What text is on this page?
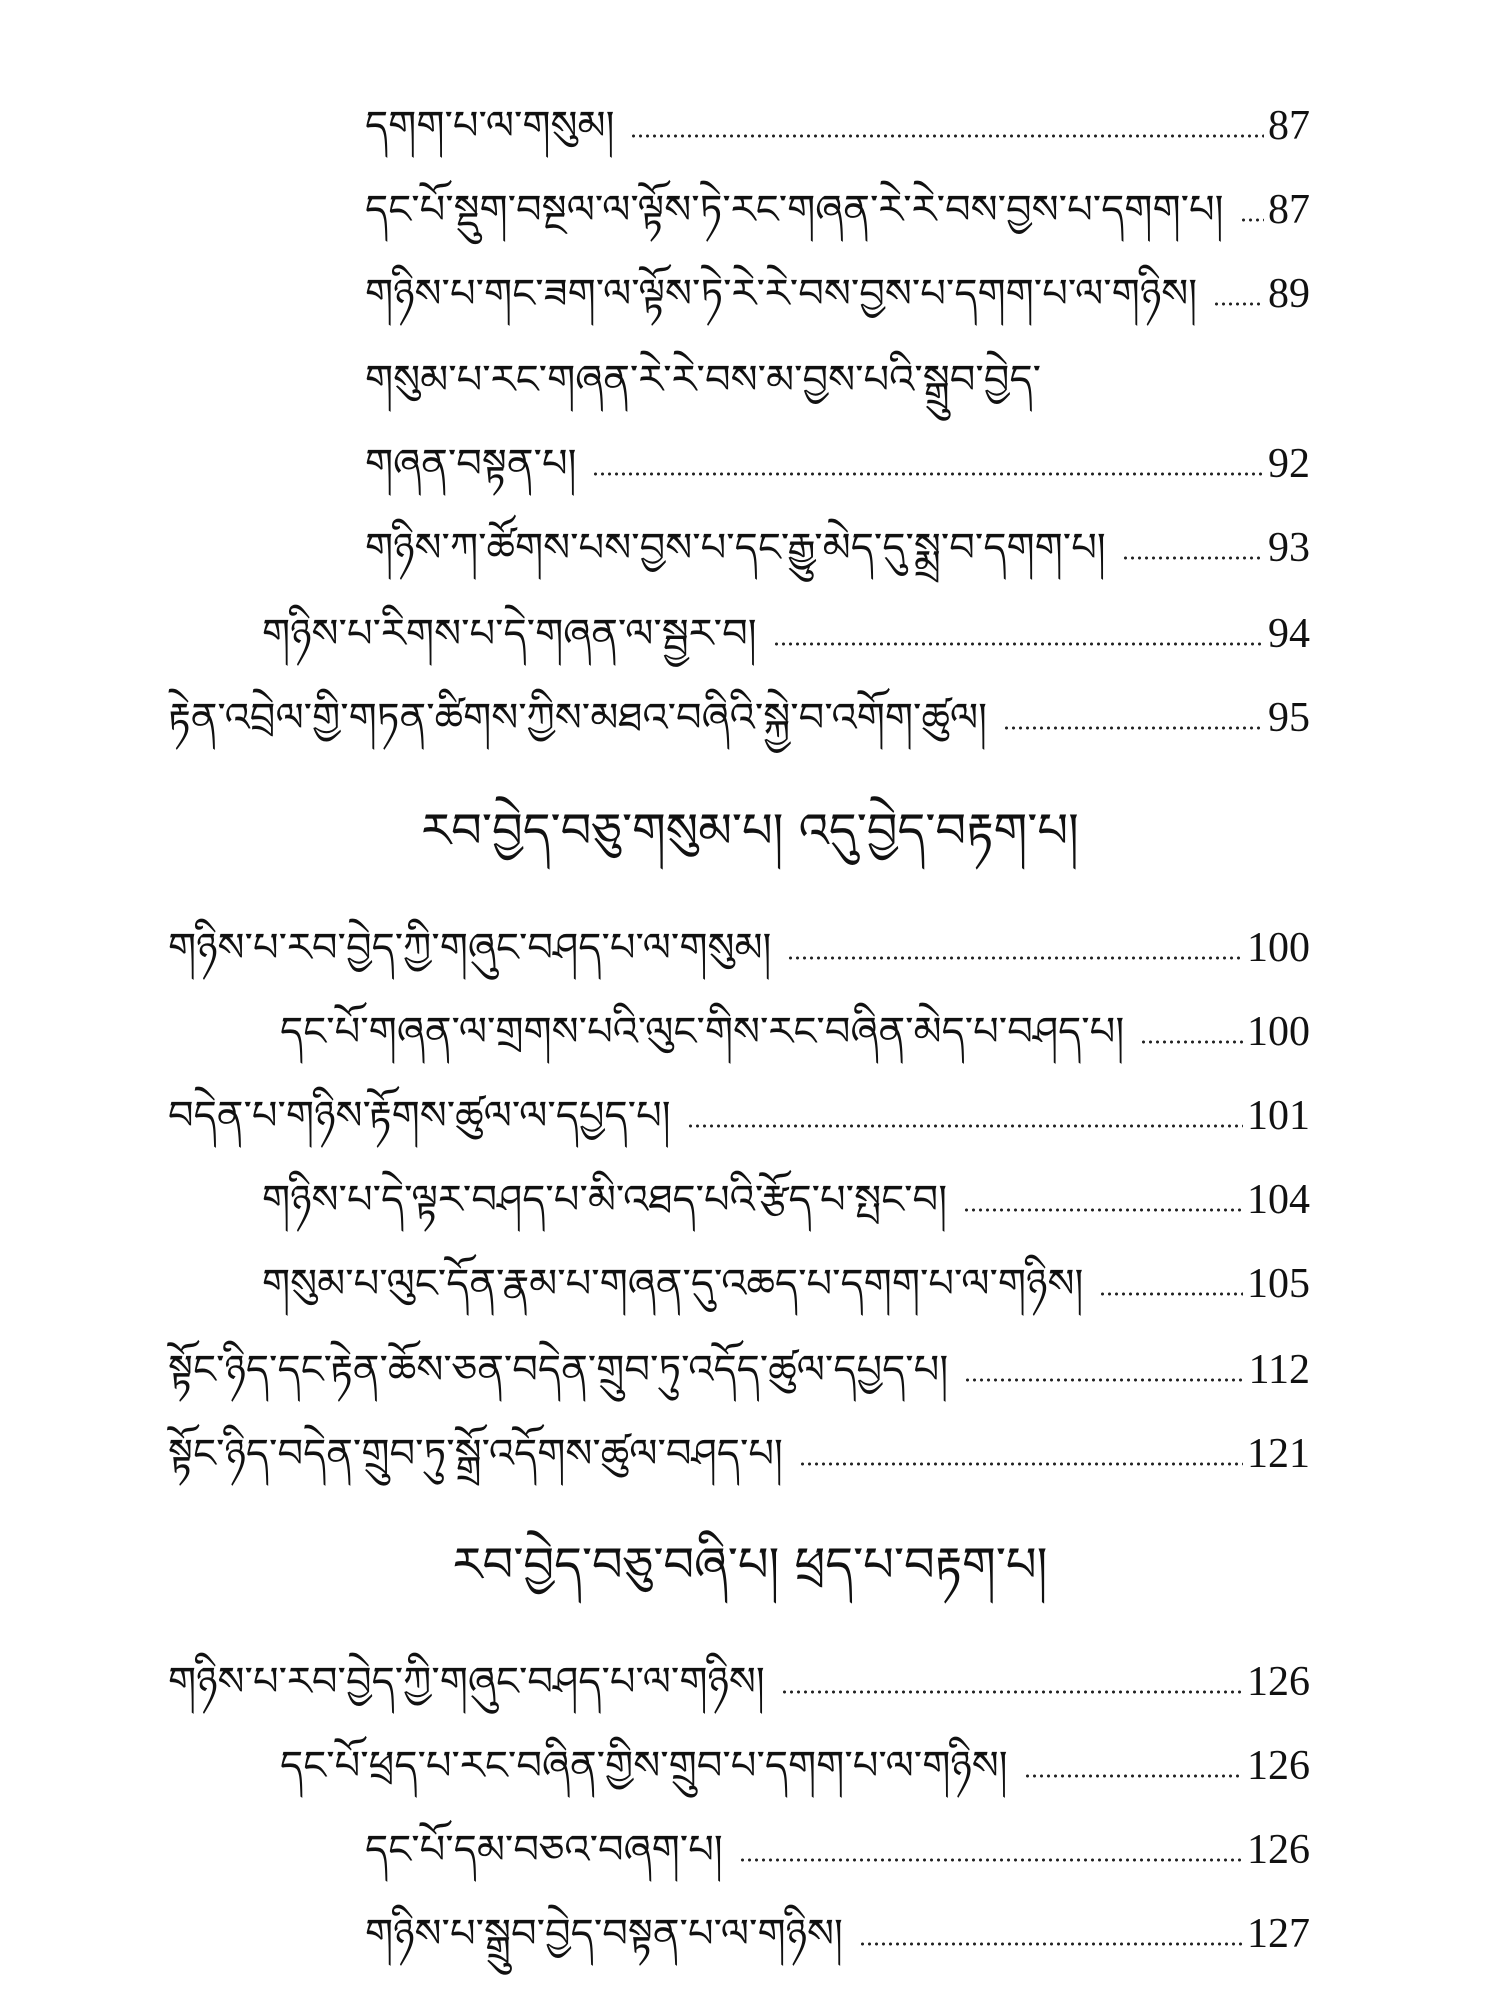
དགག་པ་ལ་གསུམ།	87
དང་པོ་སྡུག་བསྔལ་ལ་ལྟོས་ཏེ་རང་གཞན་རེ་རེ་བས་བྱས་པ་དགག་པ།	87
གཉིས་པ་གང་ཟག་ལ་ལྟོས་ཏེ་རེ་རེ་བས་བྱས་པ་དགག་པ་ལ་གཉིས།	89
གསུམ་པ་རང་གཞན་རེ་རེ་བས་མ་བྱས་པའི་སྒྲུབ་བྱེད་
གཞན་བསྟན་པ།	92
གཉིས་ཀ་ཚོགས་པས་བྱས་པ་དང་རྒྱུ་མེད་དུ་སྨྲ་བ་དགག་པ།	93
གཉིས་པ་རིགས་པ་དེ་གཞན་ལ་སྦྱར་བ།	94
རྟེན་འབྲེལ་གྱི་གཏན་ཚིགས་ཀྱིས་མཐའ་བཞིའི་སྐྱེ་བ་འགོག་ཚུལ།	95
རབ་བྱེད་བཅུ་གསུམ་པ། འདུ་བྱེད་བརྟག་པ།
གཉིས་པ་རབ་བྱེད་ཀྱི་གཞུང་བཤད་པ་ལ་གསུམ།	100
དང་པོ་གཞན་ལ་གྲགས་པའི་ལུང་གིས་རང་བཞིན་མེད་པ་བཤད་པ།	100
བདེན་པ་གཉིས་རྟོགས་ཚུལ་ལ་དཔྱད་པ།	101
གཉིས་པ་དེ་ལྟར་བཤད་པ་མི་འཐད་པའི་རྩོད་པ་སྤང་བ།	104
གསུམ་པ་ལུང་དོན་རྣམ་པ་གཞན་དུ་འཆད་པ་དགག་པ་ལ་གཉིས།	105
སྟོང་ཉིད་དང་རྟེན་ཆོས་ཅན་བདེན་གྲུབ་ཏུ་འདོད་ཚུལ་དཔྱད་པ།	112
སྟོང་ཉིད་བདེན་གྲུབ་ཏུ་སྒྲོ་འདོགས་ཚུལ་བཤད་པ།	121
རབ་བྱེད་བཅུ་བཞི་པ། ཕྲད་པ་བརྟག་པ།
གཉིས་པ་རབ་བྱེད་ཀྱི་གཞུང་བཤད་པ་ལ་གཉིས།	126
དང་པོ་ཕྲད་པ་རང་བཞིན་གྱིས་གྲུབ་པ་དགག་པ་ལ་གཉིས།	126
དང་པོ་དམ་བཅའ་བཞག་པ།	126
གཉིས་པ་སྒྲུབ་བྱེད་བསྟན་པ་ལ་གཉིས།	127
